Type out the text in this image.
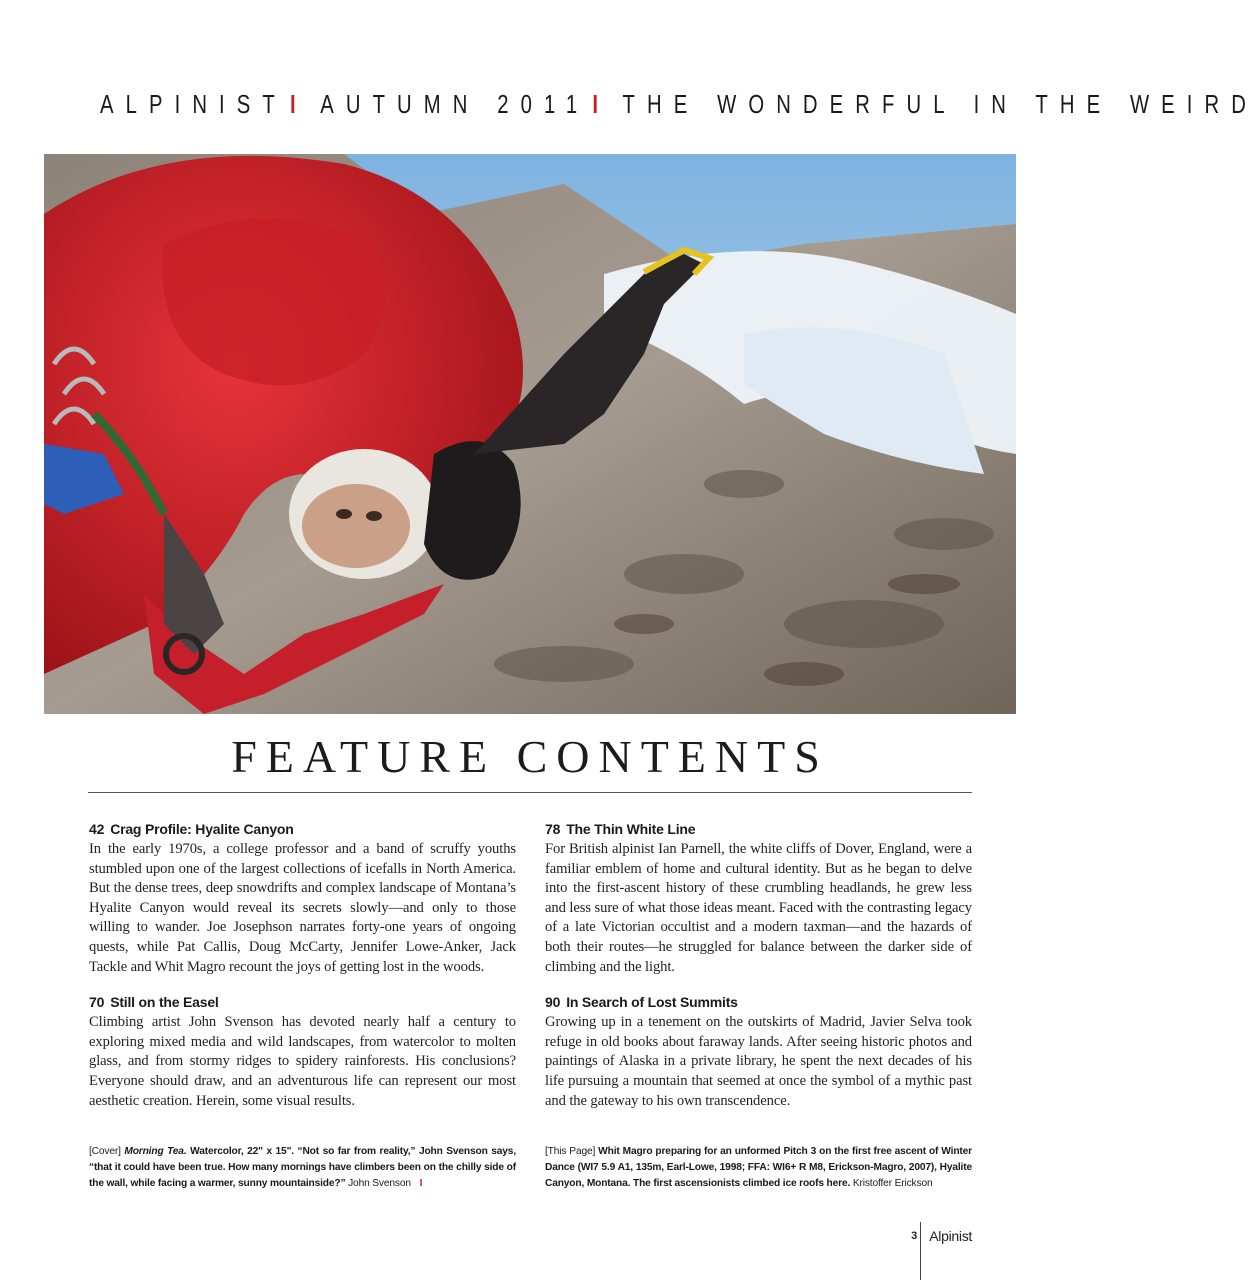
ALPINIST I AUTUMN 2011 I THE WONDERFUL IN THE WEIRD
FEATURE CONTENTS
42 Crag Profile: Hyalite Canyon

In the early 1970s, a college professor and a band of scruffy youths stumbled upon one of the largest collections of icefalls in North America. But the dense trees, deep snowdrifts and complex landscape of Montana’s Hyalite Canyon would reveal its secrets slowly—and only to those willing to wander. Joe Josephson narrates forty-one years of ongoing quests, while Pat Callis, Doug McCarty, Jennifer Lowe-Anker, Jack Tackle and Whit Magro recount the joys of getting lost in the woods.

70 Still on the Easel

Climbing artist John Svenson has devoted nearly half a century to exploring mixed media and wild landscapes, from watercolor to molten glass, and from stormy ridges to spidery rainforests. His conclusions? Everyone should draw, and an adventurous life can represent our most aesthetic creation. Herein, some visual results.

78 The Thin White Line

For British alpinist Ian Parnell, the white cliffs of Dover, England, were a familiar emblem of home and cultural identity. But as he began to delve into the first-ascent history of these crumbling headlands, he grew less and less sure of what those ideas meant. Faced with the contrasting legacy of a late Victorian occultist and a modern taxman—and the hazards of both their routes—he struggled for balance between the darker side of climbing and the light.

90 In Search of Lost Summits

Growing up in a tenement on the outskirts of Madrid, Javier Selva took refuge in old books about faraway lands. After seeing historic photos and paintings of Alaska in a private library, he spent the next decades of his life pursuing a mountain that seemed at once the symbol of a mythic past and the gateway to his own transcendence.

[Cover] Morning Tea. Watercolor, 22" x 15". “Not so far from reality,” John Svenson says, “that it could have been true. How many mornings have climbers been on the chilly side of the wall, while facing a warmer, sunny mountainside?” John Svenson I
[This Page] Whit Magro preparing for an unformed Pitch 3 on the first free ascent of Winter Dance (WI7 5.9 A1, 135m, Earl-Lowe, 1998; FFA: WI6+ R M8, Erickson-Magro, 2007), Hyalite Canyon, Montana. The first ascensionists climbed ice roofs here. Kristoffer Erickson
3 Alpinist
